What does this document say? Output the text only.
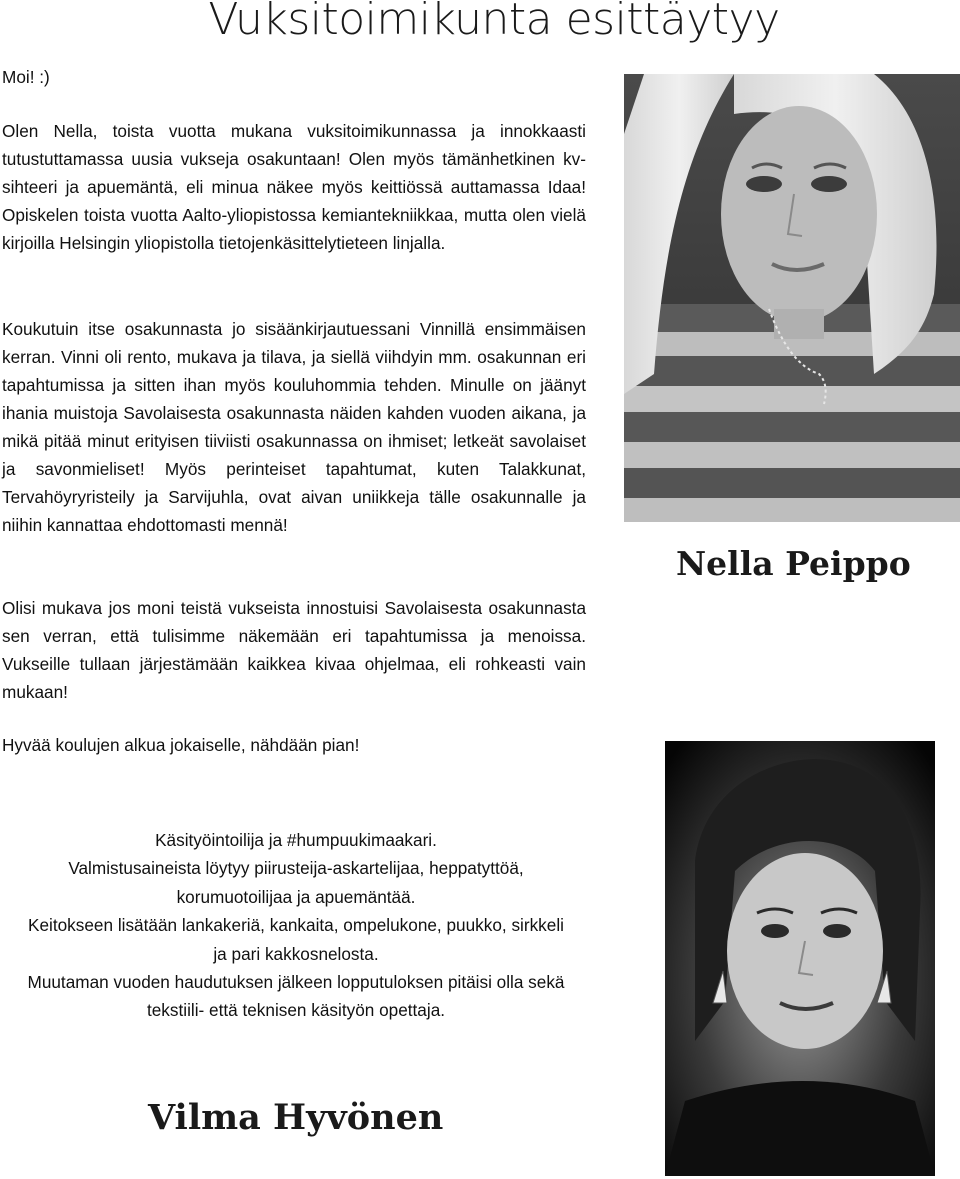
Vuksitoimikunta esittäytyy
Moi! :)

Olen Nella, toista vuotta mukana vuksitoimikunnassa ja innokkaasti tutustuttamassa uusia vukseja osakuntaan! Olen myös tämänhetkinen kv-sihteeri ja apuemäntä, eli minua näkee myös keittiössä auttamassa Idaa! Opiskelen toista vuotta Aalto-yliopistossa kemiantekniikkaa, mutta olen vielä kirjoilla Helsingin yliopistolla tietojenkäsittelytieteen linjalla.

Koukutuin itse osakunnasta jo sisäänkirjautuessani Vinnillä ensimmäisen kerran. Vinni oli rento, mukava ja tilava, ja siellä viihdyin mm. osakunnan eri tapahtumissa ja sitten ihan myös kouluhommia tehden. Minulle on jäänyt ihania muistoja Savolaisesta osakunnasta näiden kahden vuoden aikana, ja mikä pitää minut erityisen tiiviisti osakunnassa on ihmiset; letkeät savolaiset ja savonmieliset! Myös perinteiset tapahtumat, kuten Talakkunat, Tervahöyryristeily ja Sarvijuhla, ovat aivan uniikkeja tälle osakunnalle ja niihin kannattaa ehdottomasti mennä!

Olisi mukava jos moni teistä vukseista innostuisi Savolaisesta osakunnasta sen verran, että tulisimme näkemään eri tapahtumissa ja menoissa. Vukseille tullaan järjestämään kaikkea kivaa ohjelmaa, eli rohkeasti vain mukaan!

Hyvää koulujen alkua jokaiselle, nähdään pian!
Nella Peippo
Käsityöintoilija ja #humpuukimaakari.
Valmistusaineista löytyy piirusteija-askartelijaa, heppatyttöä,
korumuotoilijaa ja apuemäntää.
Keitokseen lisätään lankakeriä, kankaita, ompelukone, puukko, sirkkeli
ja pari kakkosnelosta.
Muutaman vuoden haudutuksen jälkeen lopputuloksen pitäisi olla sekä
tekstiili- että teknisen käsityön opettaja.
Vilma Hyvönen
